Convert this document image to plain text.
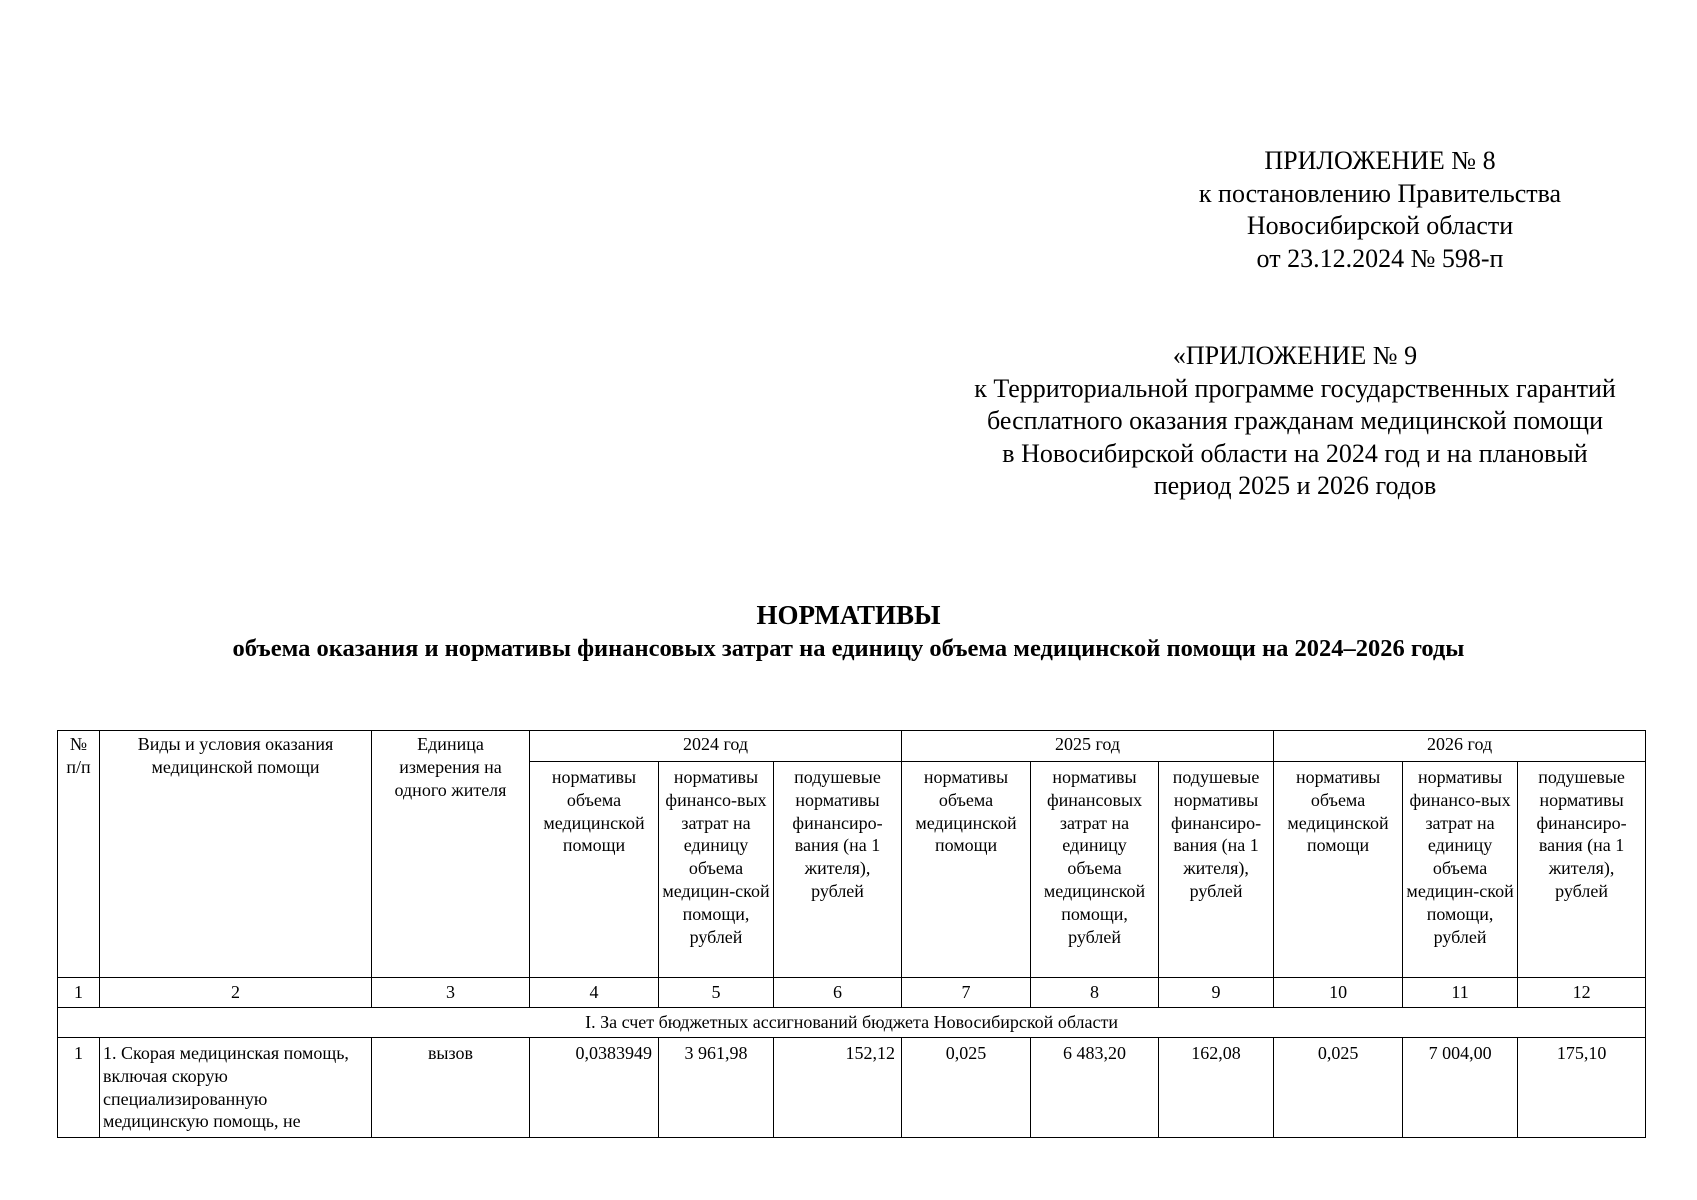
ПРИЛОЖЕНИЕ № 8
к постановлению Правительства
Новосибирской области
от 23.12.2024 № 598-п
«ПРИЛОЖЕНИЕ № 9
к Территориальной программе государственных гарантий
бесплатного оказания гражданам медицинской помощи
в Новосибирской области на 2024 год и на плановый
период 2025 и 2026 годов
НОРМАТИВЫ
объема оказания и нормативы финансовых затрат на единицу объема медицинской помощи на 2024–2026 годы
№ п/п	Виды и условия оказания медицинской помощи	Единица измерения на одного жителя	2024 год			2025 год			2026 год		
			нормативы объема медицинской помощи	нормативы финансо-вых затрат на единицу объема медицин-ской помощи, рублей	подушевые нормативы финансиро-вания (на 1 жителя), рублей	нормативы объема медицинской помощи	нормативы финансовых затрат на единицу объема медицинской помощи, рублей	подушевые нормативы финансиро-вания (на 1 жителя), рублей	нормативы объема медицинской помощи	нормативы финансо-вых затрат на единицу объема медицин-ской помощи, рублей	подушевые нормативы финансиро-вания (на 1 жителя), рублей
1	2	3	4	5	6	7	8	9	10	11	12
I. За счет бюджетных ассигнований бюджета Новосибирской области											
1	1. Скорая медицинская помощь, включая скорую специализированную медицинскую помощь, не	вызов	0,0383949	3 961,98	152,12	0,025	6 483,20	162,08	0,025	7 004,00	175,10
